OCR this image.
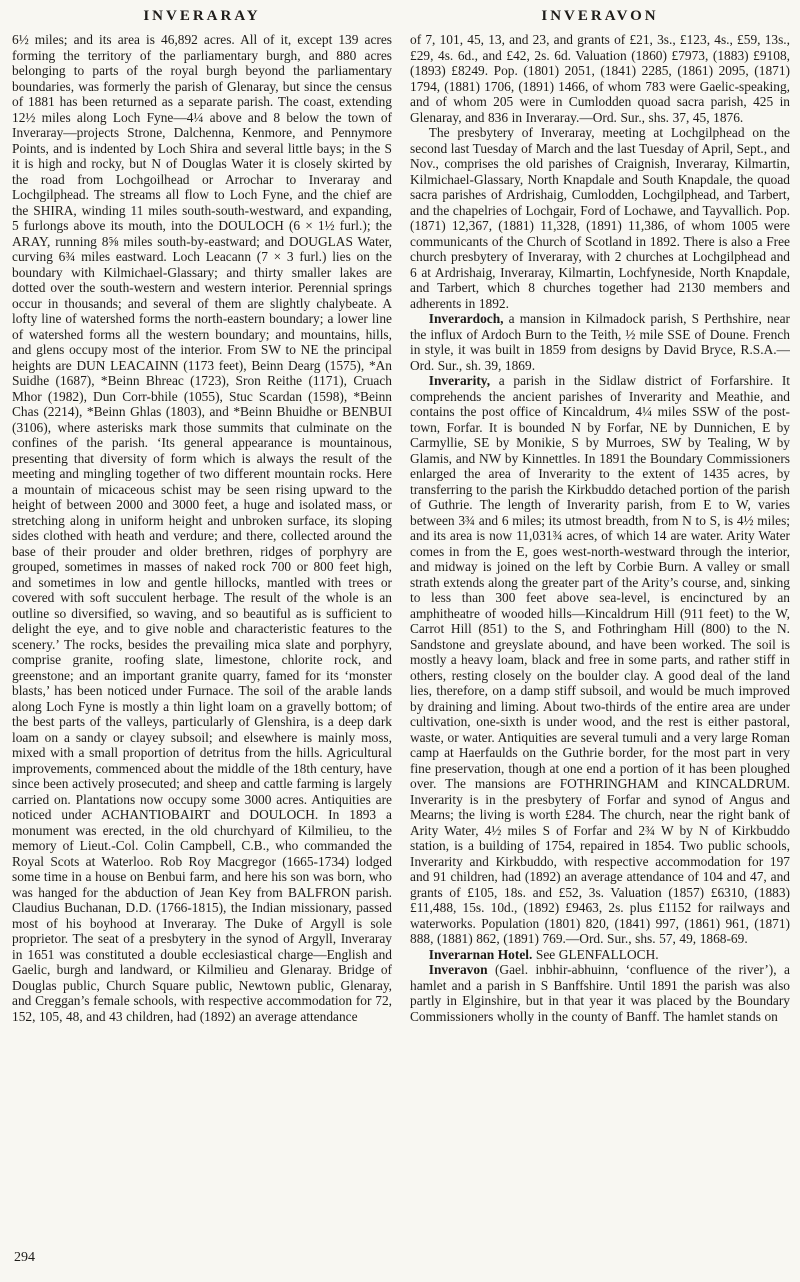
INVERARAY	INVERAVON

6½ miles; and its area is 46,892 acres. All of it, except 139 acres forming the territory of the parliamentary burgh, and 880 acres belonging to parts of the royal burgh beyond the parliamentary boundaries, was formerly the parish of Glenaray, but since the census of 1881 has been returned as a separate parish. The coast, extending 12½ miles along Loch Fyne—4¼ above and 8 below the town of Inveraray—projects Strone, Dalchenna, Kenmore, and Pennymore Points, and is indented by Loch Shira and several little bays; in the S it is high and rocky, but N of Douglas Water it is closely skirted by the road from Lochgoilhead or Arrochar to Inveraray and Lochgilphead. The streams all flow to Loch Fyne, and the chief are the SHIRA, winding 11 miles south-south-westward, and expanding, 5 furlongs above its mouth, into the DOULOCH (6 × 1½ furl.); the ARAY, running 8⅝ miles south-by-eastward; and DOUGLAS Water, curving 6¾ miles eastward. Loch Leacann (7 × 3 furl.) lies on the boundary with Kilmichael-Glassary; and thirty smaller lakes are dotted over the south-western and western interior. Perennial springs occur in thousands; and several of them are slightly chalybeate. A lofty line of watershed forms the north-eastern boundary; a lower line of watershed forms all the western boundary; and mountains, hills, and glens occupy most of the interior. From SW to NE the principal heights are DUN LEACAINN (1173 feet), Beinn Dearg (1575), *An Suidhe (1687), *Beinn Bhreac (1723), Sron Reithe (1171), Cruach Mhor (1982), Dun Corr-bhile (1055), Stuc Scardan (1598), *Beinn Chas (2214), *Beinn Ghlas (1803), and *Beinn Bhuidhe or BENBUI (3106), where asterisks mark those summits that culminate on the confines of the parish. ‘Its general appearance is mountainous, presenting that diversity of form which is always the result of the meeting and mingling together of two different mountain rocks. Here a mountain of micaceous schist may be seen rising upward to the height of between 2000 and 3000 feet, a huge and isolated mass, or stretching along in uniform height and unbroken surface, its sloping sides clothed with heath and verdure; and there, collected around the base of their prouder and older brethren, ridges of porphyry are grouped, sometimes in masses of naked rock 700 or 800 feet high, and sometimes in low and gentle hillocks, mantled with trees or covered with soft succulent herbage. The result of the whole is an outline so diversified, so waving, and so beautiful as is sufficient to delight the eye, and to give noble and characteristic features to the scenery.’ The rocks, besides the prevailing mica slate and porphyry, comprise granite, roofing slate, limestone, chlorite rock, and greenstone; and an important granite quarry, famed for its ‘monster blasts,’ has been noticed under Furnace. The soil of the arable lands along Loch Fyne is mostly a thin light loam on a gravelly bottom; of the best parts of the valleys, particularly of Glenshira, is a deep dark loam on a sandy or clayey subsoil; and elsewhere is mainly moss, mixed with a small proportion of detritus from the hills. Agricultural improvements, commenced about the middle of the 18th century, have since been actively prosecuted; and sheep and cattle farming is largely carried on. Plantations now occupy some 3000 acres. Antiquities are noticed under ACHANTIOBAIRT and DOULOCH. In 1893 a monument was erected, in the old churchyard of Kilmilieu, to the memory of Lieut.-Col. Colin Campbell, C.B., who commanded the Royal Scots at Waterloo. Rob Roy Macgregor (1665-1734) lodged some time in a house on Benbui farm, and here his son was born, who was hanged for the abduction of Jean Key from BALFRON parish. Claudius Buchanan, D.D. (1766-1815), the Indian missionary, passed most of his boyhood at Inveraray. The Duke of Argyll is sole proprietor. The seat of a presbytery in the synod of Argyll, Inveraray in 1651 was constituted a double ecclesiastical charge—English and Gaelic, burgh and landward, or Kilmilieu and Glenaray. Bridge of Douglas public, Church Square public, Newtown public, Glenaray, and Creggan’s female schools, with respective accommodation for 72, 152, 105, 48, and 43 children, had (1892) an average attendance

of 7, 101, 45, 13, and 23, and grants of £21, 3s., £123, 4s., £59, 13s., £29, 4s. 6d., and £42, 2s. 6d. Valuation (1860) £7973, (1883) £9108, (1893) £8249. Pop. (1801) 2051, (1841) 2285, (1861) 2095, (1871) 1794, (1881) 1706, (1891) 1466, of whom 783 were Gaelic-speaking, and of whom 205 were in Cumlodden quoad sacra parish, 425 in Glenaray, and 836 in Inveraray.—Ord. Sur., shs. 37, 45, 1876.

The presbytery of Inveraray, meeting at Lochgilphead on the second last Tuesday of March and the last Tuesday of April, Sept., and Nov., comprises the old parishes of Craignish, Inveraray, Kilmartin, Kilmichael-Glassary, North Knapdale and South Knapdale, the quoad sacra parishes of Ardrishaig, Cumlodden, Lochgilphead, and Tarbert, and the chapelries of Lochgair, Ford of Lochawe, and Tayvallich. Pop. (1871) 12,367, (1881) 11,328, (1891) 11,386, of whom 1005 were communicants of the Church of Scotland in 1892. There is also a Free church presbytery of Inveraray, with 2 churches at Lochgilphead and 6 at Ardrishaig, Inveraray, Kilmartin, Lochfyneside, North Knapdale, and Tarbert, which 8 churches together had 2130 members and adherents in 1892.

Inverardoch, a mansion in Kilmadock parish, S Perthshire, near the influx of Ardoch Burn to the Teith, ½ mile SSE of Doune. French in style, it was built in 1859 from designs by David Bryce, R.S.A.—Ord. Sur., sh. 39, 1869.

Inverarity, a parish in the Sidlaw district of Forfarshire. It comprehends the ancient parishes of Inverarity and Meathie, and contains the post office of Kincaldrum, 4¼ miles SSW of the post-town, Forfar. It is bounded N by Forfar, NE by Dunnichen, E by Carmyllie, SE by Monikie, S by Murroes, SW by Tealing, W by Glamis, and NW by Kinnettles. In 1891 the Boundary Commissioners enlarged the area of Inverarity to the extent of 1435 acres, by transferring to the parish the Kirkbuddo detached portion of the parish of Guthrie. The length of Inverarity parish, from E to W, varies between 3¾ and 6 miles; its utmost breadth, from N to S, is 4½ miles; and its area is now 11,031¾ acres, of which 14 are water. Arity Water comes in from the E, goes west-north-westward through the interior, and midway is joined on the left by Corbie Burn. A valley or small strath extends along the greater part of the Arity’s course, and, sinking to less than 300 feet above sea-level, is encinctured by an amphitheatre of wooded hills—Kincaldrum Hill (911 feet) to the W, Carrot Hill (851) to the S, and Fothringham Hill (800) to the N. Sandstone and greyslate abound, and have been worked. The soil is mostly a heavy loam, black and free in some parts, and rather stiff in others, resting closely on the boulder clay. A good deal of the land lies, therefore, on a damp stiff subsoil, and would be much improved by draining and liming. About two-thirds of the entire area are under cultivation, one-sixth is under wood, and the rest is either pastoral, waste, or water. Antiquities are several tumuli and a very large Roman camp at Haerfaulds on the Guthrie border, for the most part in very fine preservation, though at one end a portion of it has been ploughed over. The mansions are FOTHRINGHAM and KINCALDRUM. Inverarity is in the presbytery of Forfar and synod of Angus and Mearns; the living is worth £284. The church, near the right bank of Arity Water, 4½ miles S of Forfar and 2¾ W by N of Kirkbuddo station, is a building of 1754, repaired in 1854. Two public schools, Inverarity and Kirkbuddo, with respective accommodation for 197 and 91 children, had (1892) an average attendance of 104 and 47, and grants of £105, 18s. and £52, 3s. Valuation (1857) £6310, (1883) £11,488, 15s. 10d., (1892) £9463, 2s. plus £1152 for railways and waterworks. Population (1801) 820, (1841) 997, (1861) 961, (1871) 888, (1881) 862, (1891) 769.—Ord. Sur., shs. 57, 49, 1868-69.

Inverarnan Hotel. See GLENFALLOCH.

Inveravon (Gael. inbhir-abhuinn, ‘confluence of the river’), a hamlet and a parish in S Banffshire. Until 1891 the parish was also partly in Elginshire, but in that year it was placed by the Boundary Commissioners wholly in the county of Banff. The hamlet stands on

294
